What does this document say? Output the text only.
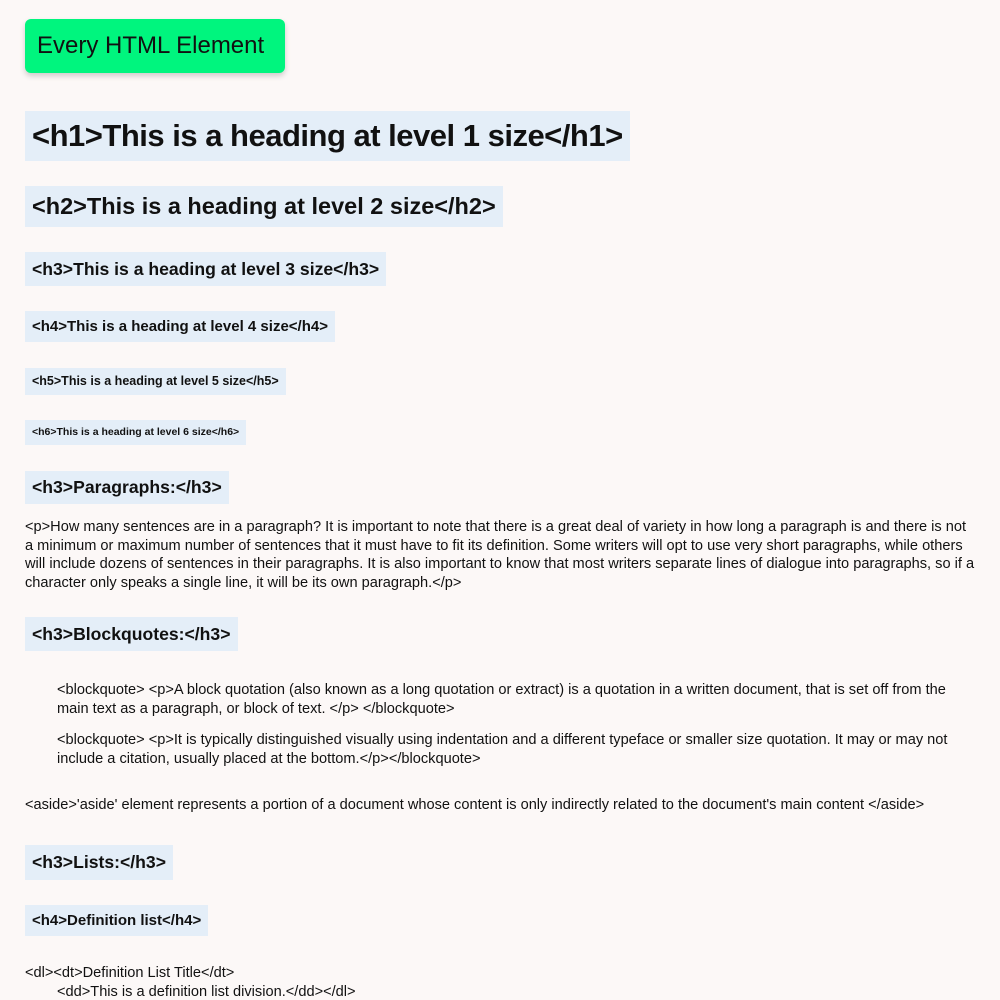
Every HTML Element
<h1>This is a heading at level 1 size</h1>
<h2>This is a heading at level 2 size</h2>
<h3>This is a heading at level 3 size</h3>
<h4>This is a heading at level 4 size</h4>
<h5>This is a heading at level 5 size</h5>
<h6>This is a heading at level 6 size</h6>
<h3>Paragraphs:</h3>
<p>How many sentences are in a paragraph? It is important to note that there is a great deal of variety in how long a paragraph is and there is not a minimum or maximum number of sentences that it must have to fit its definition. Some writers will opt to use very short paragraphs, while others will include dozens of sentences in their paragraphs. It is also important to know that most writers separate lines of dialogue into paragraphs, so if a character only speaks a single line, it will be its own paragraph.</p>
<h3>Blockquotes:</h3>
<blockquote> <p>A block quotation (also known as a long quotation or extract) is a quotation in a written document, that is set off from the main text as a paragraph, or block of text. </p> </blockquote>
<blockquote> <p>It is typically distinguished visually using indentation and a different typeface or smaller size quotation. It may or may not include a citation, usually placed at the bottom.</p></blockquote>
<aside>'aside' element represents a portion of a document whose content is only indirectly related to the document's main content </aside>
<h3>Lists:</h3>
<h4>Definition list</h4>
<dl><dt>Definition List Title</dt>
<dd>This is a definition list division.</dd></dl>
